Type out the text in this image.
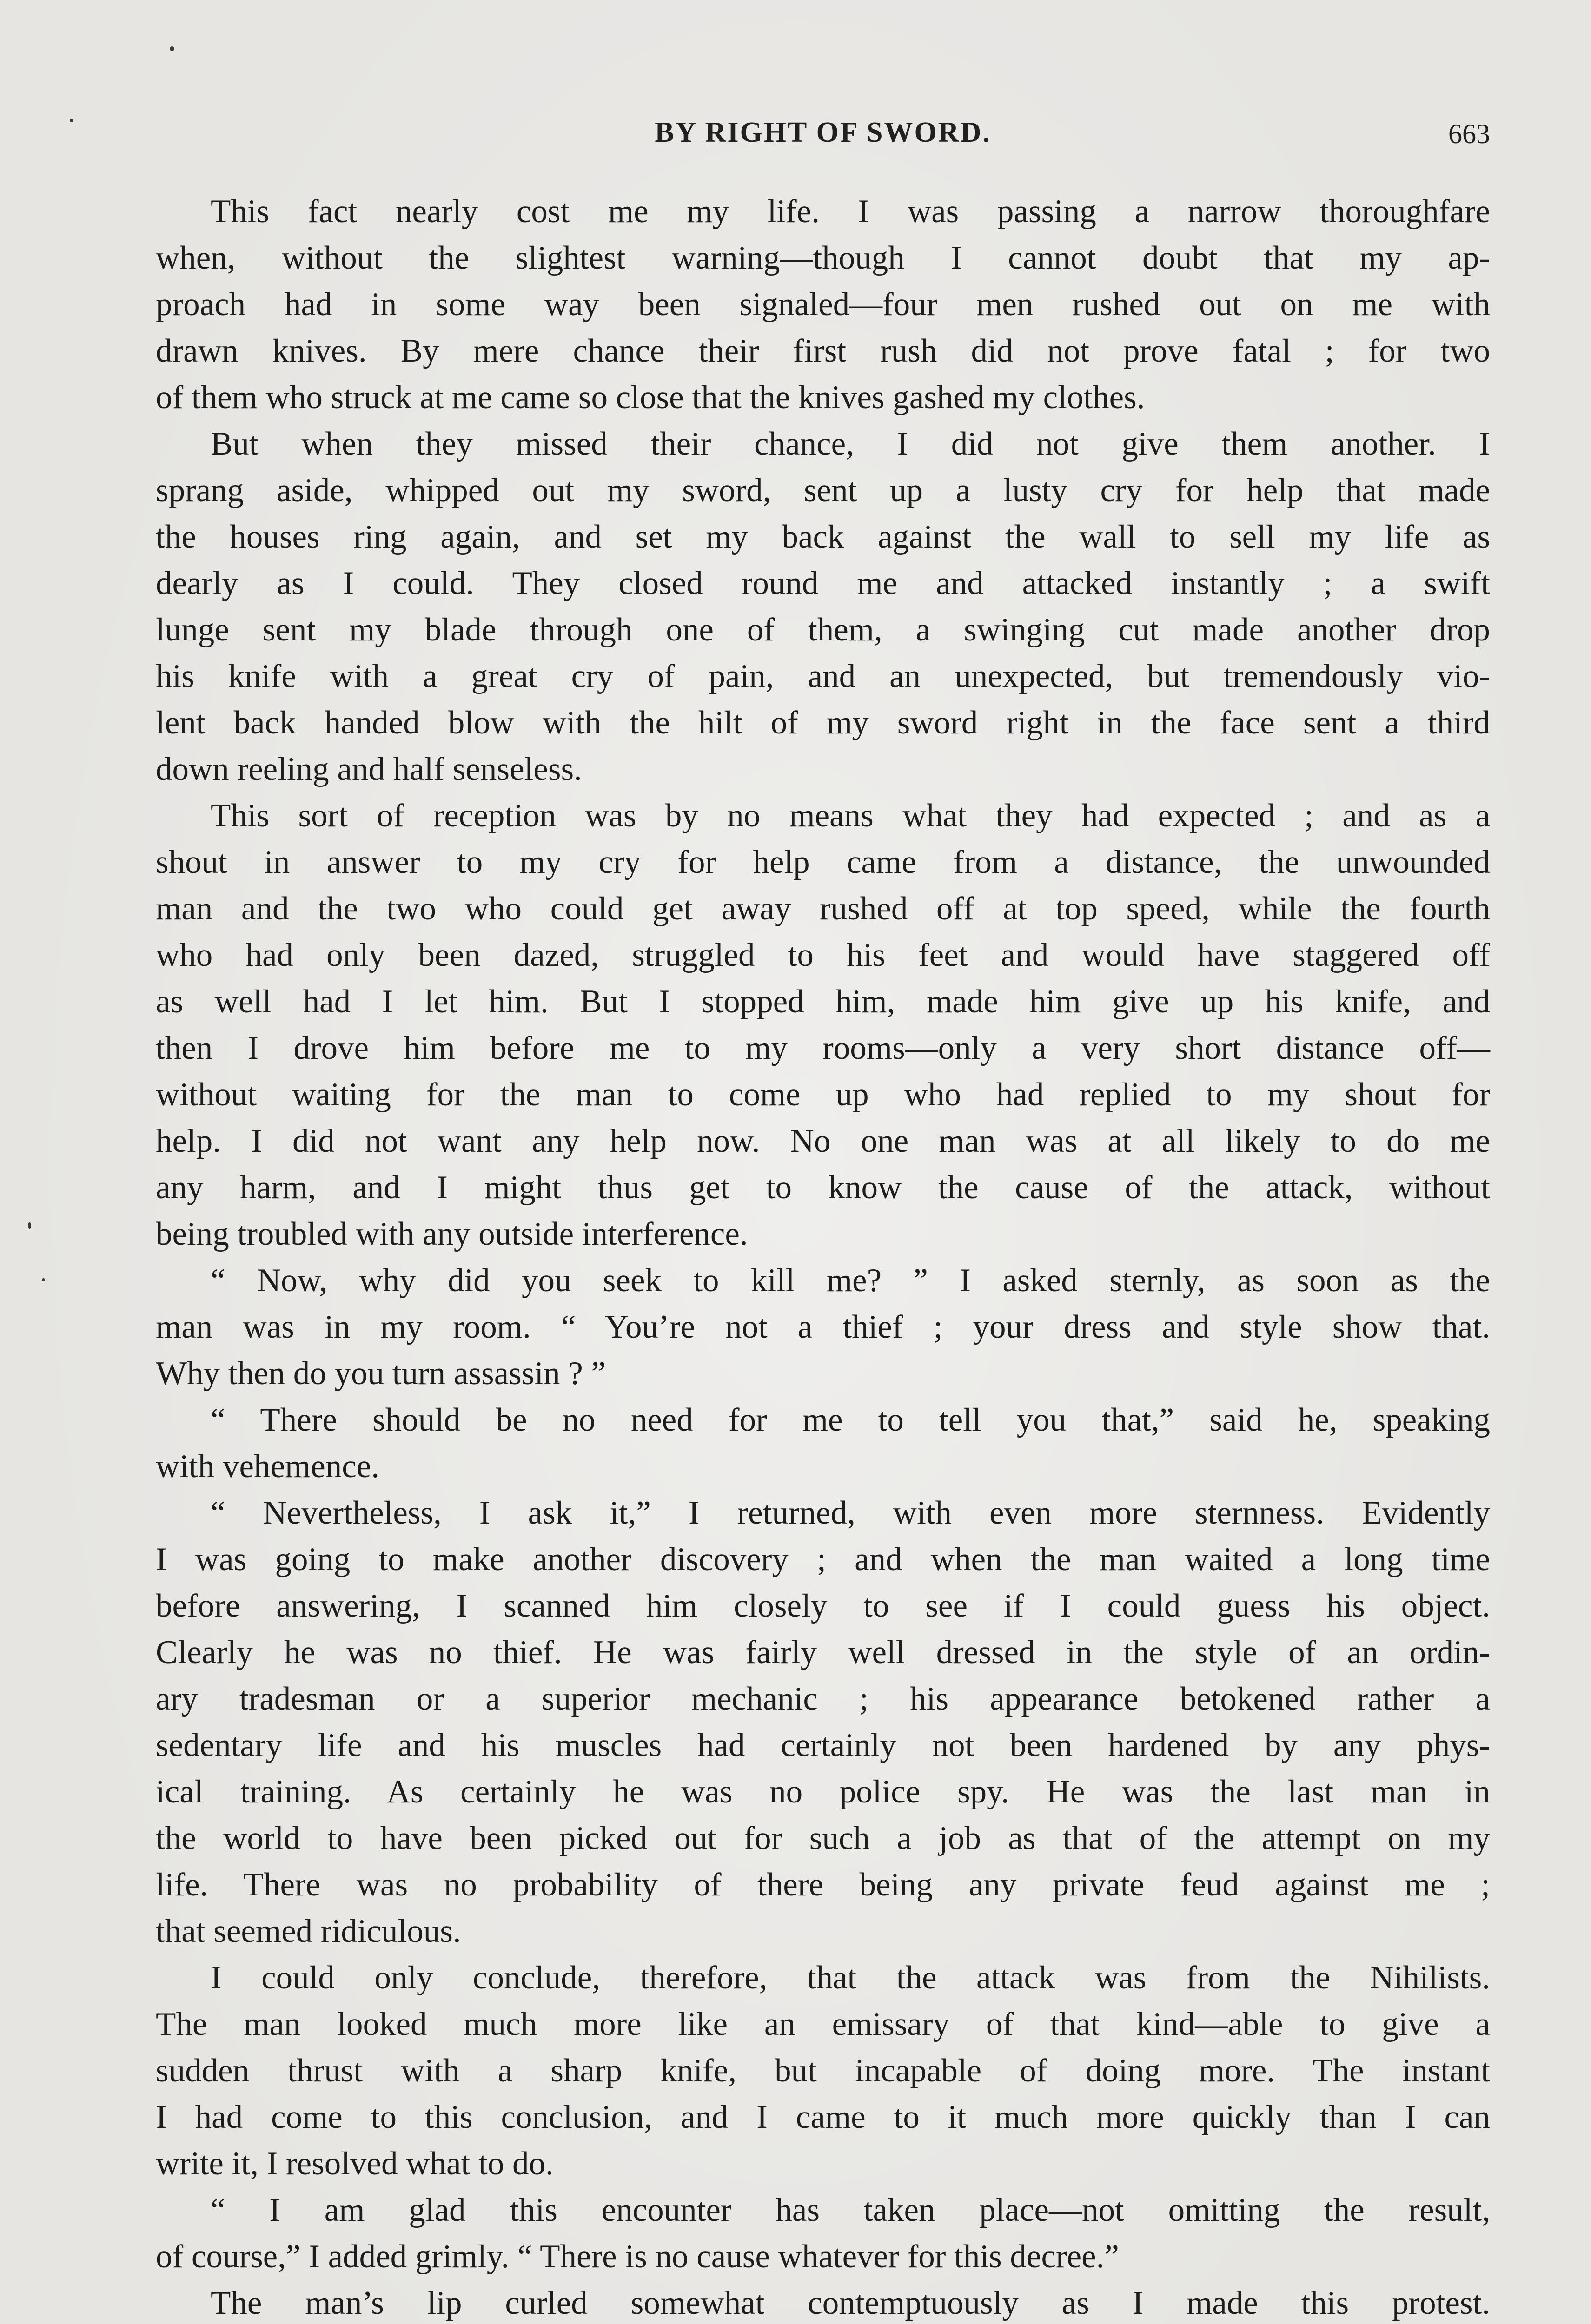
BY RIGHT OF SWORD.	663
This fact nearly cost me my life. I was passing a narrow thoroughfare
when, without the slightest warning—though I cannot doubt that my ap-
proach had in some way been signaled—four men rushed out on me with
drawn knives. By mere chance their first rush did not prove fatal ; for two
of them who struck at me came so close that the knives gashed my clothes.
But when they missed their chance, I did not give them another. I
sprang aside, whipped out my sword, sent up a lusty cry for help that made
the houses ring again, and set my back against the wall to sell my life as
dearly as I could. They closed round me and attacked instantly ; a swift
lunge sent my blade through one of them, a swinging cut made another drop
his knife with a great cry of pain, and an unexpected, but tremendously vio-
lent back handed blow with the hilt of my sword right in the face sent a third
down reeling and half senseless.
This sort of reception was by no means what they had expected ; and as a
shout in answer to my cry for help came from a distance, the unwounded
man and the two who could get away rushed off at top speed, while the fourth
who had only been dazed, struggled to his feet and would have staggered off
as well had I let him. But I stopped him, made him give up his knife, and
then I drove him before me to my rooms—only a very short distance off—
without waiting for the man to come up who had replied to my shout for
help. I did not want any help now. No one man was at all likely to do me
any harm, and I might thus get to know the cause of the attack, without
being troubled with any outside interference.
“ Now, why did you seek to kill me? ” I asked sternly, as soon as the
man was in my room. “ You’re not a thief ; your dress and style show that.
Why then do you turn assassin ? ”
“ There should be no need for me to tell you that,” said he, speaking
with vehemence.
“ Nevertheless, I ask it,” I returned, with even more sternness. Evidently
I was going to make another discovery ; and when the man waited a long time
before answering, I scanned him closely to see if I could guess his object.
Clearly he was no thief. He was fairly well dressed in the style of an ordin-
ary tradesman or a superior mechanic ; his appearance betokened rather a
sedentary life and his muscles had certainly not been hardened by any phys-
ical training. As certainly he was no police spy. He was the last man in
the world to have been picked out for such a job as that of the attempt on my
life. There was no probability of there being any private feud against me ;
that seemed ridiculous.
I could only conclude, therefore, that the attack was from the Nihilists.
The man looked much more like an emissary of that kind—able to give a
sudden thrust with a sharp knife, but incapable of doing more. The instant
I had come to this conclusion, and I came to it much more quickly than I can
write it, I resolved what to do.
“ I am glad this encounter has taken place—not omitting the result,
of course,” I added grimly. “ There is no cause whatever for this decree.”
The man’s lip curled somewhat contemptuously as I made this protest.
